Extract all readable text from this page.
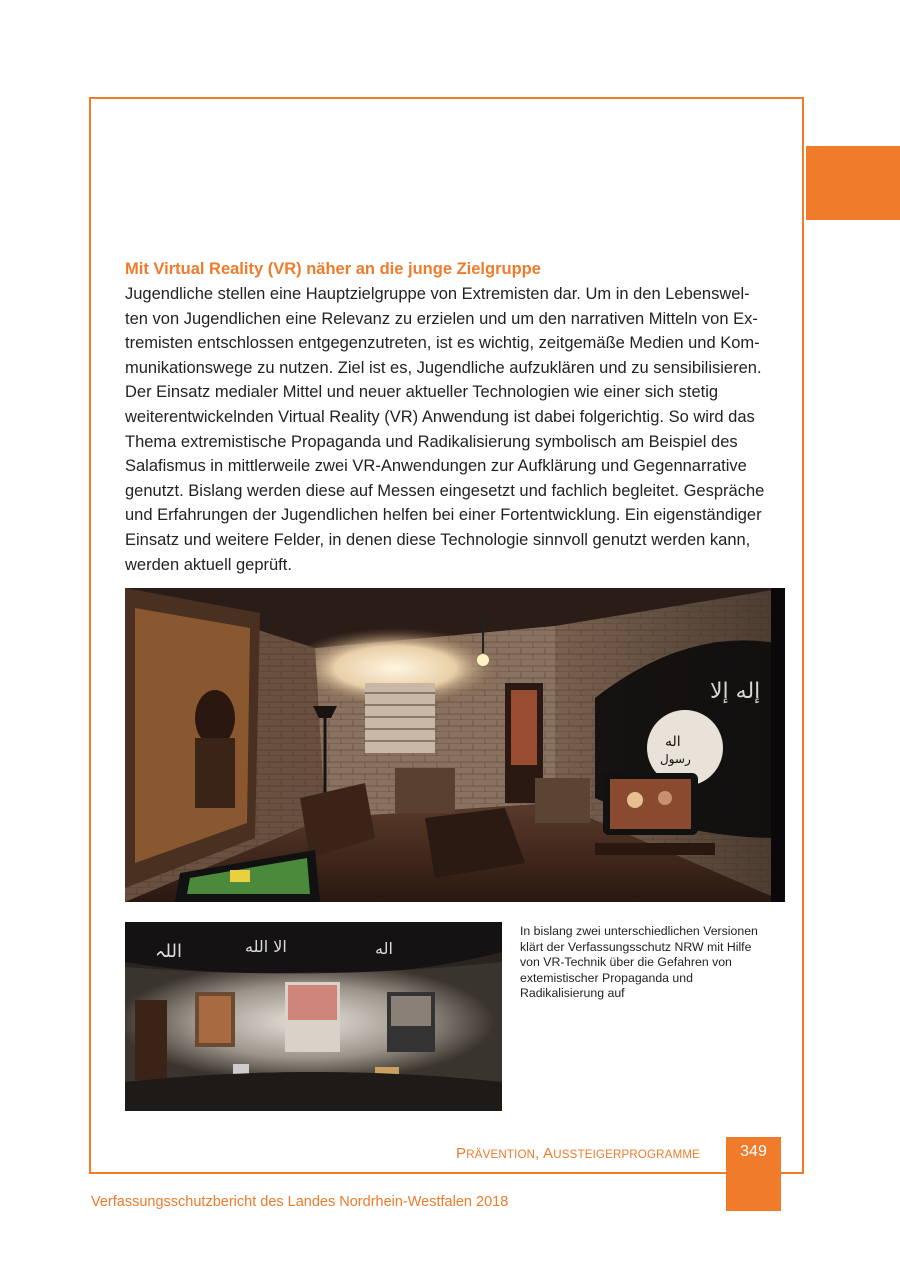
Mit Virtual Reality (VR) näher an die junge Zielgruppe

Jugendliche stellen eine Hauptzielgruppe von Extremisten dar. Um in den Lebenswel-
ten von Jugendlichen eine Relevanz zu erzielen und um den narrativen Mitteln von Ex-
tremisten entschlossen entgegenzutreten, ist es wichtig, zeitgemäße Medien und Kom-
munikationswege zu nutzen. Ziel ist es, Jugendliche aufzuklären und zu sensibilisieren.
Der Einsatz medialer Mittel und neuer aktueller Technologien wie einer sich stetig
weiterentwickelnden Virtual Reality (VR) Anwendung ist dabei folgerichtig. So wird das
Thema extremistische Propaganda und Radikalisierung symbolisch am Beispiel des
Salafismus in mittlerweile zwei VR-Anwendungen zur Aufklärung und Gegennarrative
genutzt. Bislang werden diese auf Messen eingesetzt und fachlich begleitet. Gespräche
und Erfahrungen der Jugendlichen helfen bei einer Fortentwicklung. Ein eigenständiger
Einsatz und weitere Felder, in denen diese Technologie sinnvoll genutzt werden kann,
werden aktuell geprüft.

اله
رسول
إله إلا
اللہ	الا الله	اله
In bislang zwei unterschiedlichen Versionen
klärt der Verfassungsschutz NRW mit Hilfe
von VR-Technik über die Gefahren von
extemistischer Propaganda und
Radikalisierung auf
PRÄVENTION, AUSSTEIGERPROGRAMME	349
Verfassungsschutzbericht des Landes Nordrhein-Westfalen 2018
